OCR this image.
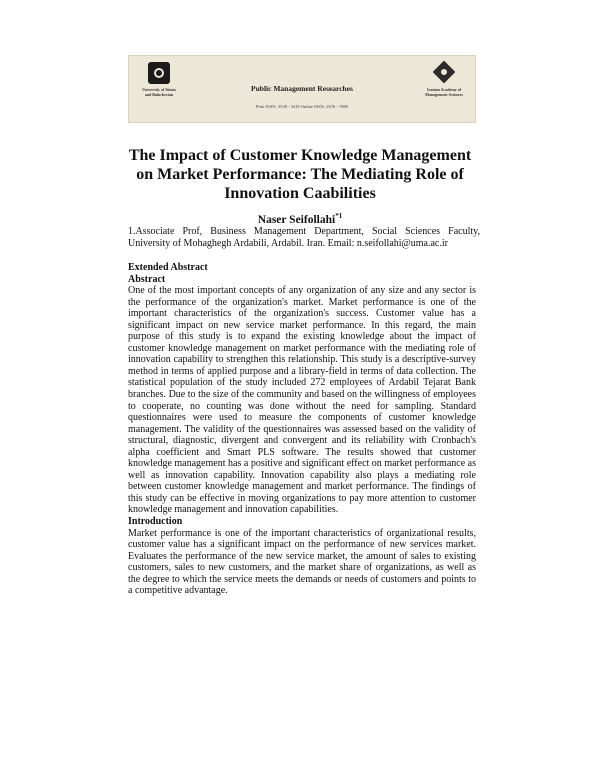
University of Sistan and Baluchestan
Public Management Researches
Print ISSN: 2538 - 3418 Online ISSN: 2676 - 7880
Iranian Academy of Management Sciences
The Impact of Customer Knowledge Management on Market Performance: The Mediating Role of Innovation Caabilities
Naser Seifollahi$^{*1}$
1.Associate Prof, Business Management Department, Social Sciences Faculty, University of Mohaghegh Ardabili, Ardabil. Iran. Email: n.seifollahi@uma.ac.ir

Extended Abstract

Abstract

One of the most important concepts of any organization of any size and any sector is the performance of the organization's market. Market performance is one of the important characteristics of the organization's success. Customer value has a significant impact on new service market performance. In this regard, the main purpose of this study is to expand the existing knowledge about the impact of customer knowledge management on market performance with the mediating role of innovation capability to strengthen this relationship. This study is a descriptive-survey method in terms of applied purpose and a library-field in terms of data collection. The statistical population of the study included 272 employees of Ardabil Tejarat Bank branches. Due to the size of the community and based on the willingness of employees to cooperate, no counting was done without the need for sampling. Standard questionnaires were used to measure the components of customer knowledge management. The validity of the questionnaires was assessed based on the validity of structural, diagnostic, divergent and convergent and its reliability with Cronbach's alpha coefficient and Smart PLS software. The results showed that customer knowledge management has a positive and significant effect on market performance as well as innovation capability. Innovation capability also plays a mediating role between customer knowledge management and market performance. The findings of this study can be effective in moving organizations to pay more attention to customer knowledge management and innovation capabilities.

Introduction

Market performance is one of the important characteristics of organizational results, customer value has a significant impact on the performance of new services market. Evaluates the performance of the new service market, the amount of sales to existing customers, sales to new customers, and the market share of organizations, as well as the degree to which the service meets the demands or needs of customers and points to a competitive advantage.
